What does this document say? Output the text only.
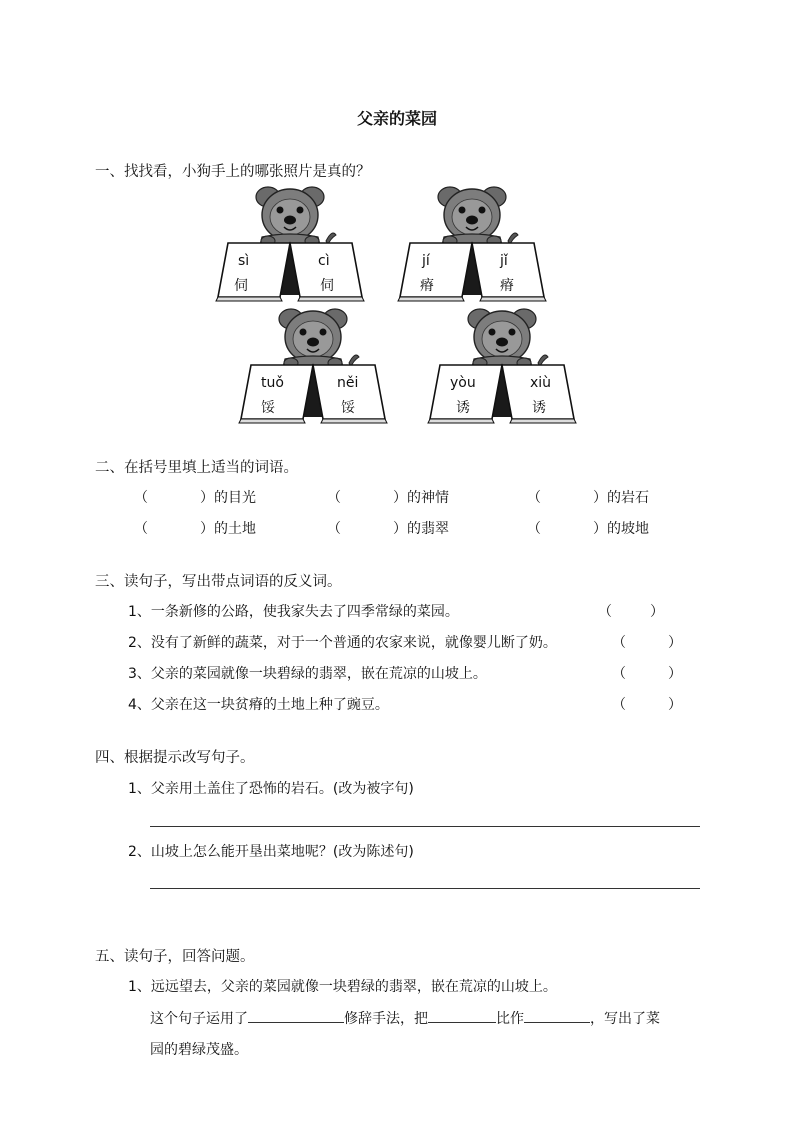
父亲的菜园
一、找找看，小狗手上的哪张照片是真的？
sì
伺
cì
伺
jí
瘠
jǐ
瘠
tuǒ
馁
něi
馁
yòu
诱
xiù
诱
二、在括号里填上适当的词语。
（	） 的目光	（	） 的神情	（	） 的岩石
（	） 的土地	（	） 的翡翠	（	） 的坡地
三、读句子，写出带点词语的反义词。
1、一条新修的公路，使我家失去了四季常绿的菜园。	（	）
2、没有了新鲜的蔬菜，对于一个普通的农家来说，就像婴儿断了奶。	（	）
3、父亲的菜园就像一块碧绿的翡翠，嵌在荒凉的山坡上。	（	）
4、父亲在这一块贫瘠的土地上种了豌豆。	（	）
四、根据提示改写句子。
1、父亲用土盖住了恐怖的岩石。(改为被字句)
2、山坡上怎么能开垦出菜地呢？(改为陈述句)
五、读句子，回答问题。
1、远远望去，父亲的菜园就像一块碧绿的翡翠，嵌在荒凉的山坡上。
这个句子运用了	修辞手法，把	比作	，写出了菜
园的碧绿茂盛。
